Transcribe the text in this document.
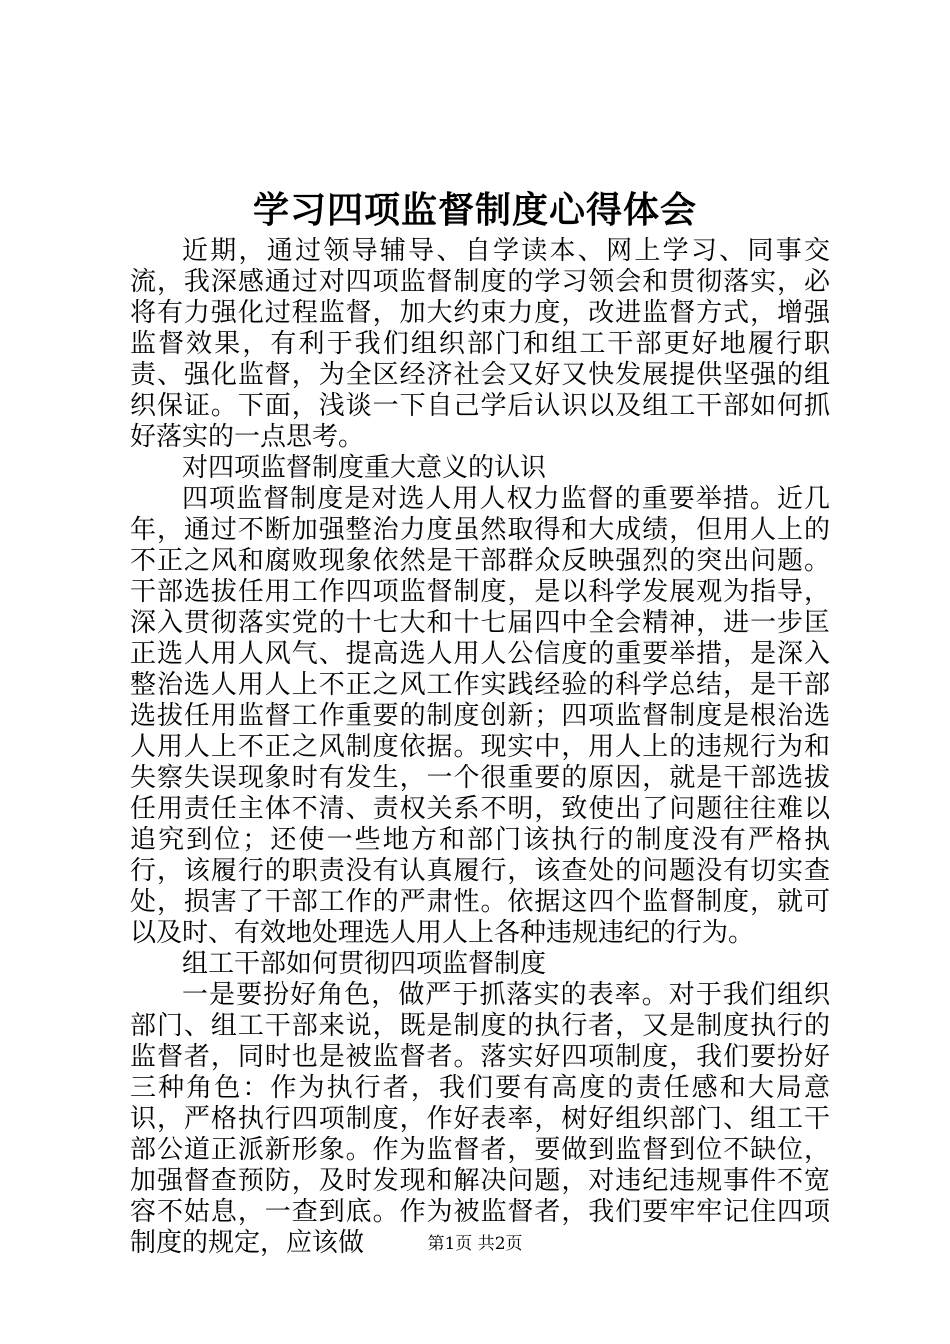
学习四项监督制度心得体会

近期，通过领导辅导、自学读本、网上学习、同事交流，我深感通过对四项监督制度的学习领会和贯彻落实，必将有力强化过程监督，加大约束力度，改进监督方式，增强监督效果，有利于我们组织部门和组工干部更好地履行职责、强化监督，为全区经济社会又好又快发展提供坚强的组织保证。下面，浅谈一下自己学后认识以及组工干部如何抓好落实的一点思考。

对四项监督制度重大意义的认识

四项监督制度是对选人用人权力监督的重要举措。近几年，通过不断加强整治力度虽然取得和大成绩，但用人上的不正之风和腐败现象依然是干部群众反映强烈的突出问题。干部选拔任用工作四项监督制度，是以科学发展观为指导，深入贯彻落实党的十七大和十七届四中全会精神，进一步匡正选人用人风气、提高选人用人公信度的重要举措，是深入整治选人用人上不正之风工作实践经验的科学总结，是干部选拔任用监督工作重要的制度创新；四项监督制度是根治选人用人上不正之风制度依据。现实中，用人上的违规行为和失察失误现象时有发生，一个很重要的原因，就是干部选拔任用责任主体不清、责权关系不明，致使出了问题往往难以追究到位；还使一些地方和部门该执行的制度没有严格执行，该履行的职责没有认真履行，该查处的问题没有切实查处，损害了干部工作的严肃性。依据这四个监督制度，就可以及时、有效地处理选人用人上各种违规违纪的行为。

组工干部如何贯彻四项监督制度

一是要扮好角色，做严于抓落实的表率。对于我们组织部门、组工干部来说，既是制度的执行者，又是制度执行的监督者，同时也是被监督者。落实好四项制度，我们要扮好三种角色：作为执行者，我们要有高度的责任感和大局意识，严格执行四项制度，作好表率，树好组织部门、组工干部公道正派新形象。作为监督者，要做到监督到位不缺位，加强督查预防，及时发现和解决问题，对违纪违规事件不宽容不姑息，一查到底。作为被监督者，我们要牢牢记住四项制度的规定，应该做	第1页 共2页
